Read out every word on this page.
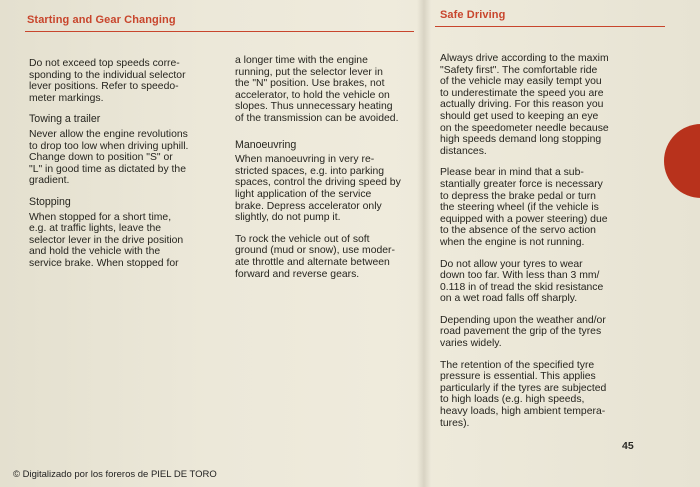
Starting and Gear Changing	Safe Driving

Do not exceed top speeds corre-
sponding to the individual selector
lever positions. Refer to speedo-
meter markings.

Towing a trailer

Never allow the engine revolutions
to drop too low when driving uphill.
Change down to position "S" or
"L" in good time as dictated by the
gradient.

Stopping

When stopped for a short time,
e.g. at traffic lights, leave the
selector lever in the drive position
and hold the vehicle with the
service brake. When stopped for

a longer time with the engine
running, put the selector lever in
the "N" position. Use brakes, not
accelerator, to hold the vehicle on
slopes. Thus unnecessary heating
of the transmission can be avoided.

Manoeuvring

When manoeuvring in very re-
stricted spaces, e.g. into parking
spaces, control the driving speed by
light application of the service
brake. Depress accelerator only
slightly, do not pump it.

To rock the vehicle out of soft
ground (mud or snow), use moder-
ate throttle and alternate between
forward and reverse gears.

Always drive according to the maxim
"Safety first". The comfortable ride
of the vehicle may easily tempt you
to underestimate the speed you are
actually driving. For this reason you
should get used to keeping an eye
on the speedometer needle because
high speeds demand long stopping
distances.

Please bear in mind that a sub-
stantially greater force is necessary
to depress the brake pedal or turn
the steering wheel (if the vehicle is
equipped with a power steering) due
to the absence of the servo action
when the engine is not running.

Do not allow your tyres to wear
down too far. With less than 3 mm/
0.118 in of tread the skid resistance
on a wet road falls off sharply.

Depending upon the weather and/or
road pavement the grip of the tyres
varies widely.

The retention of the specified tyre
pressure is essential. This applies
particularly if the tyres are subjected
to high loads (e.g. high speeds,
heavy loads, high ambient tempera-
tures).

45

© Digitalizado por los foreros de PIEL DE TORO
